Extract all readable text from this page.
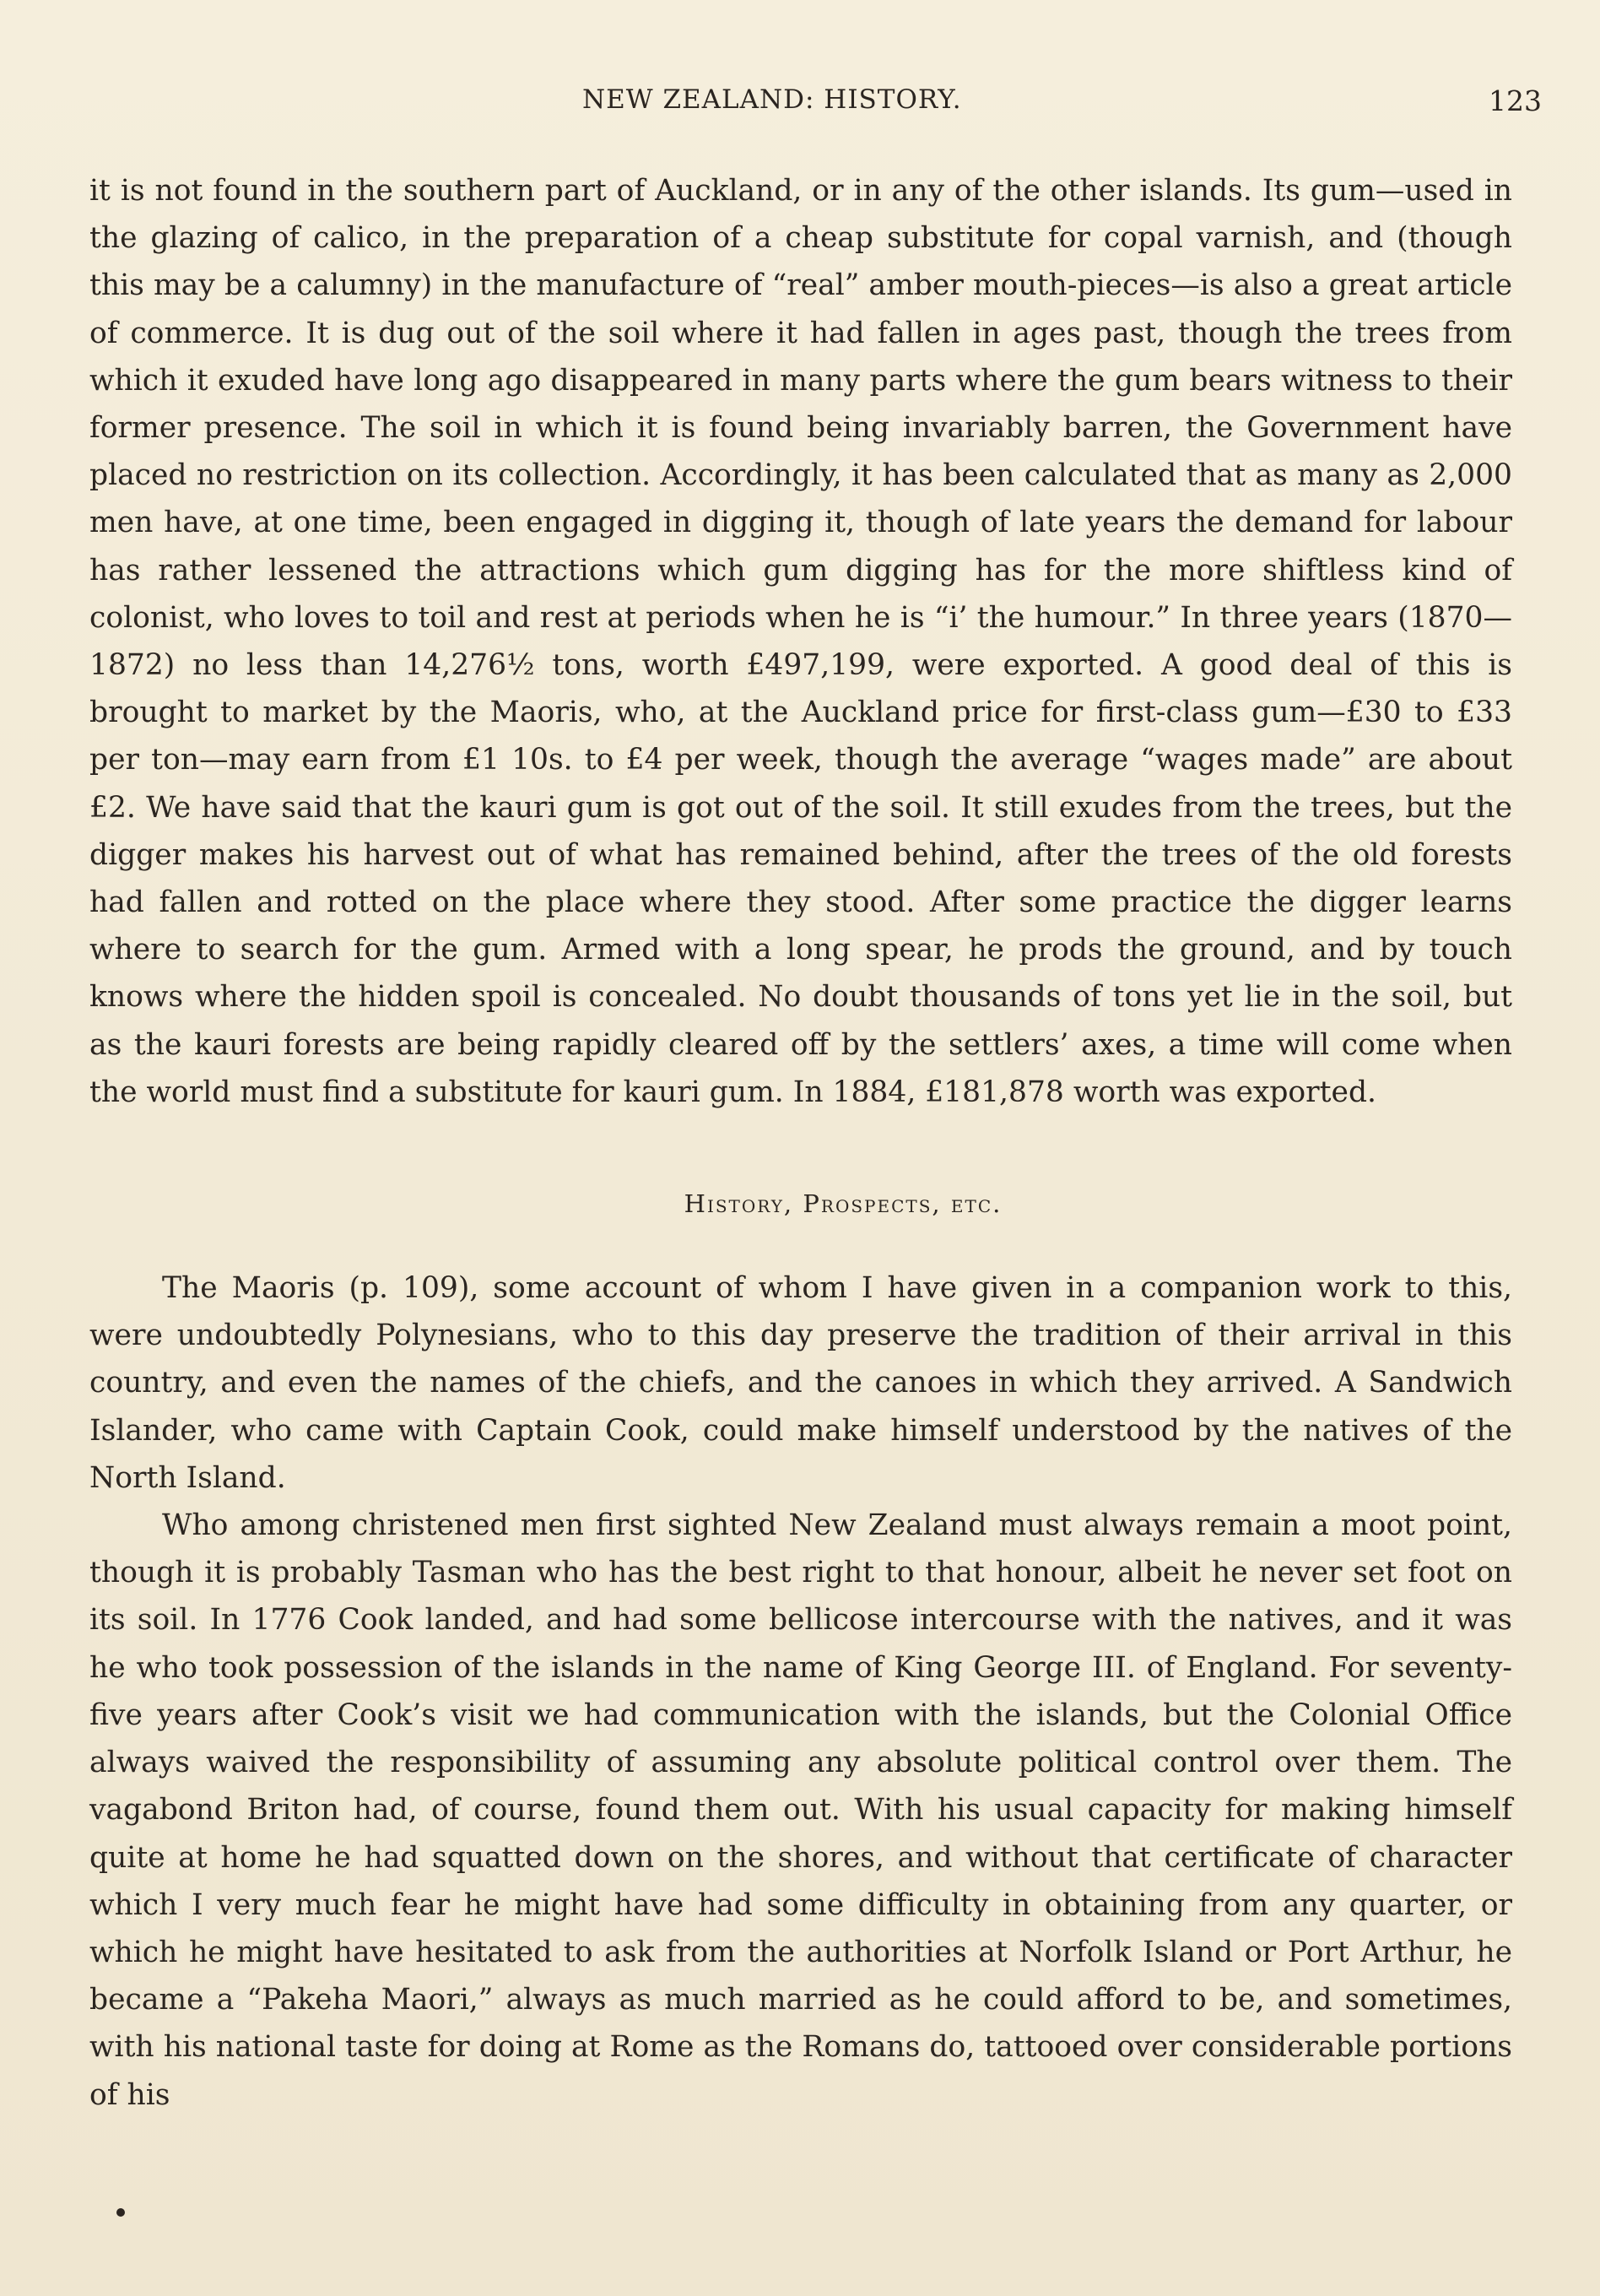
NEW ZEALAND: HISTORY.	123

it is not found in the southern part of Auckland, or in any of the other islands. Its gum—used in the glazing of calico, in the preparation of a cheap substitute for copal varnish, and (though this may be a calumny) in the manufacture of “real” amber mouth-pieces—is also a great article of commerce. It is dug out of the soil where it had fallen in ages past, though the trees from which it exuded have long ago disappeared in many parts where the gum bears witness to their former presence. The soil in which it is found being invariably barren, the Government have placed no restriction on its collection. Accordingly, it has been calculated that as many as 2,000 men have, at one time, been engaged in digging it, though of late years the demand for labour has rather lessened the attractions which gum digging has for the more shiftless kind of colonist, who loves to toil and rest at periods when he is “i’ the humour.” In three years (1870—1872) no less than 14,276½ tons, worth £497,199, were exported. A good deal of this is brought to market by the Maoris, who, at the Auckland price for first-class gum—£30 to £33 per ton—may earn from £1 10s. to £4 per week, though the average “wages made” are about £2. We have said that the kauri gum is got out of the soil. It still exudes from the trees, but the digger makes his harvest out of what has remained behind, after the trees of the old forests had fallen and rotted on the place where they stood. After some practice the digger learns where to search for the gum. Armed with a long spear, he prods the ground, and by touch knows where the hidden spoil is concealed. No doubt thousands of tons yet lie in the soil, but as the kauri forests are being rapidly cleared off by the settlers’ axes, a time will come when the world must find a substitute for kauri gum. In 1884, £181,878 worth was exported.

History, Prospects, etc.

The Maoris (p. 109), some account of whom I have given in a companion work to this, were undoubtedly Polynesians, who to this day preserve the tradition of their arrival in this country, and even the names of the chiefs, and the canoes in which they arrived. A Sandwich Islander, who came with Captain Cook, could make himself understood by the natives of the North Island.

Who among christened men first sighted New Zealand must always remain a moot point, though it is probably Tasman who has the best right to that honour, albeit he never set foot on its soil. In 1776 Cook landed, and had some bellicose intercourse with the natives, and it was he who took possession of the islands in the name of King George III. of England. For seventy-five years after Cook’s visit we had communication with the islands, but the Colonial Office always waived the responsibility of assuming any absolute political control over them. The vagabond Briton had, of course, found them out. With his usual capacity for making himself quite at home he had squatted down on the shores, and without that certificate of character which I very much fear he might have had some difficulty in obtaining from any quarter, or which he might have hesitated to ask from the authorities at Norfolk Island or Port Arthur, he became a “Pakeha Maori,” always as much married as he could afford to be, and sometimes, with his national taste for doing at Rome as the Romans do, tattooed over considerable portions of his
